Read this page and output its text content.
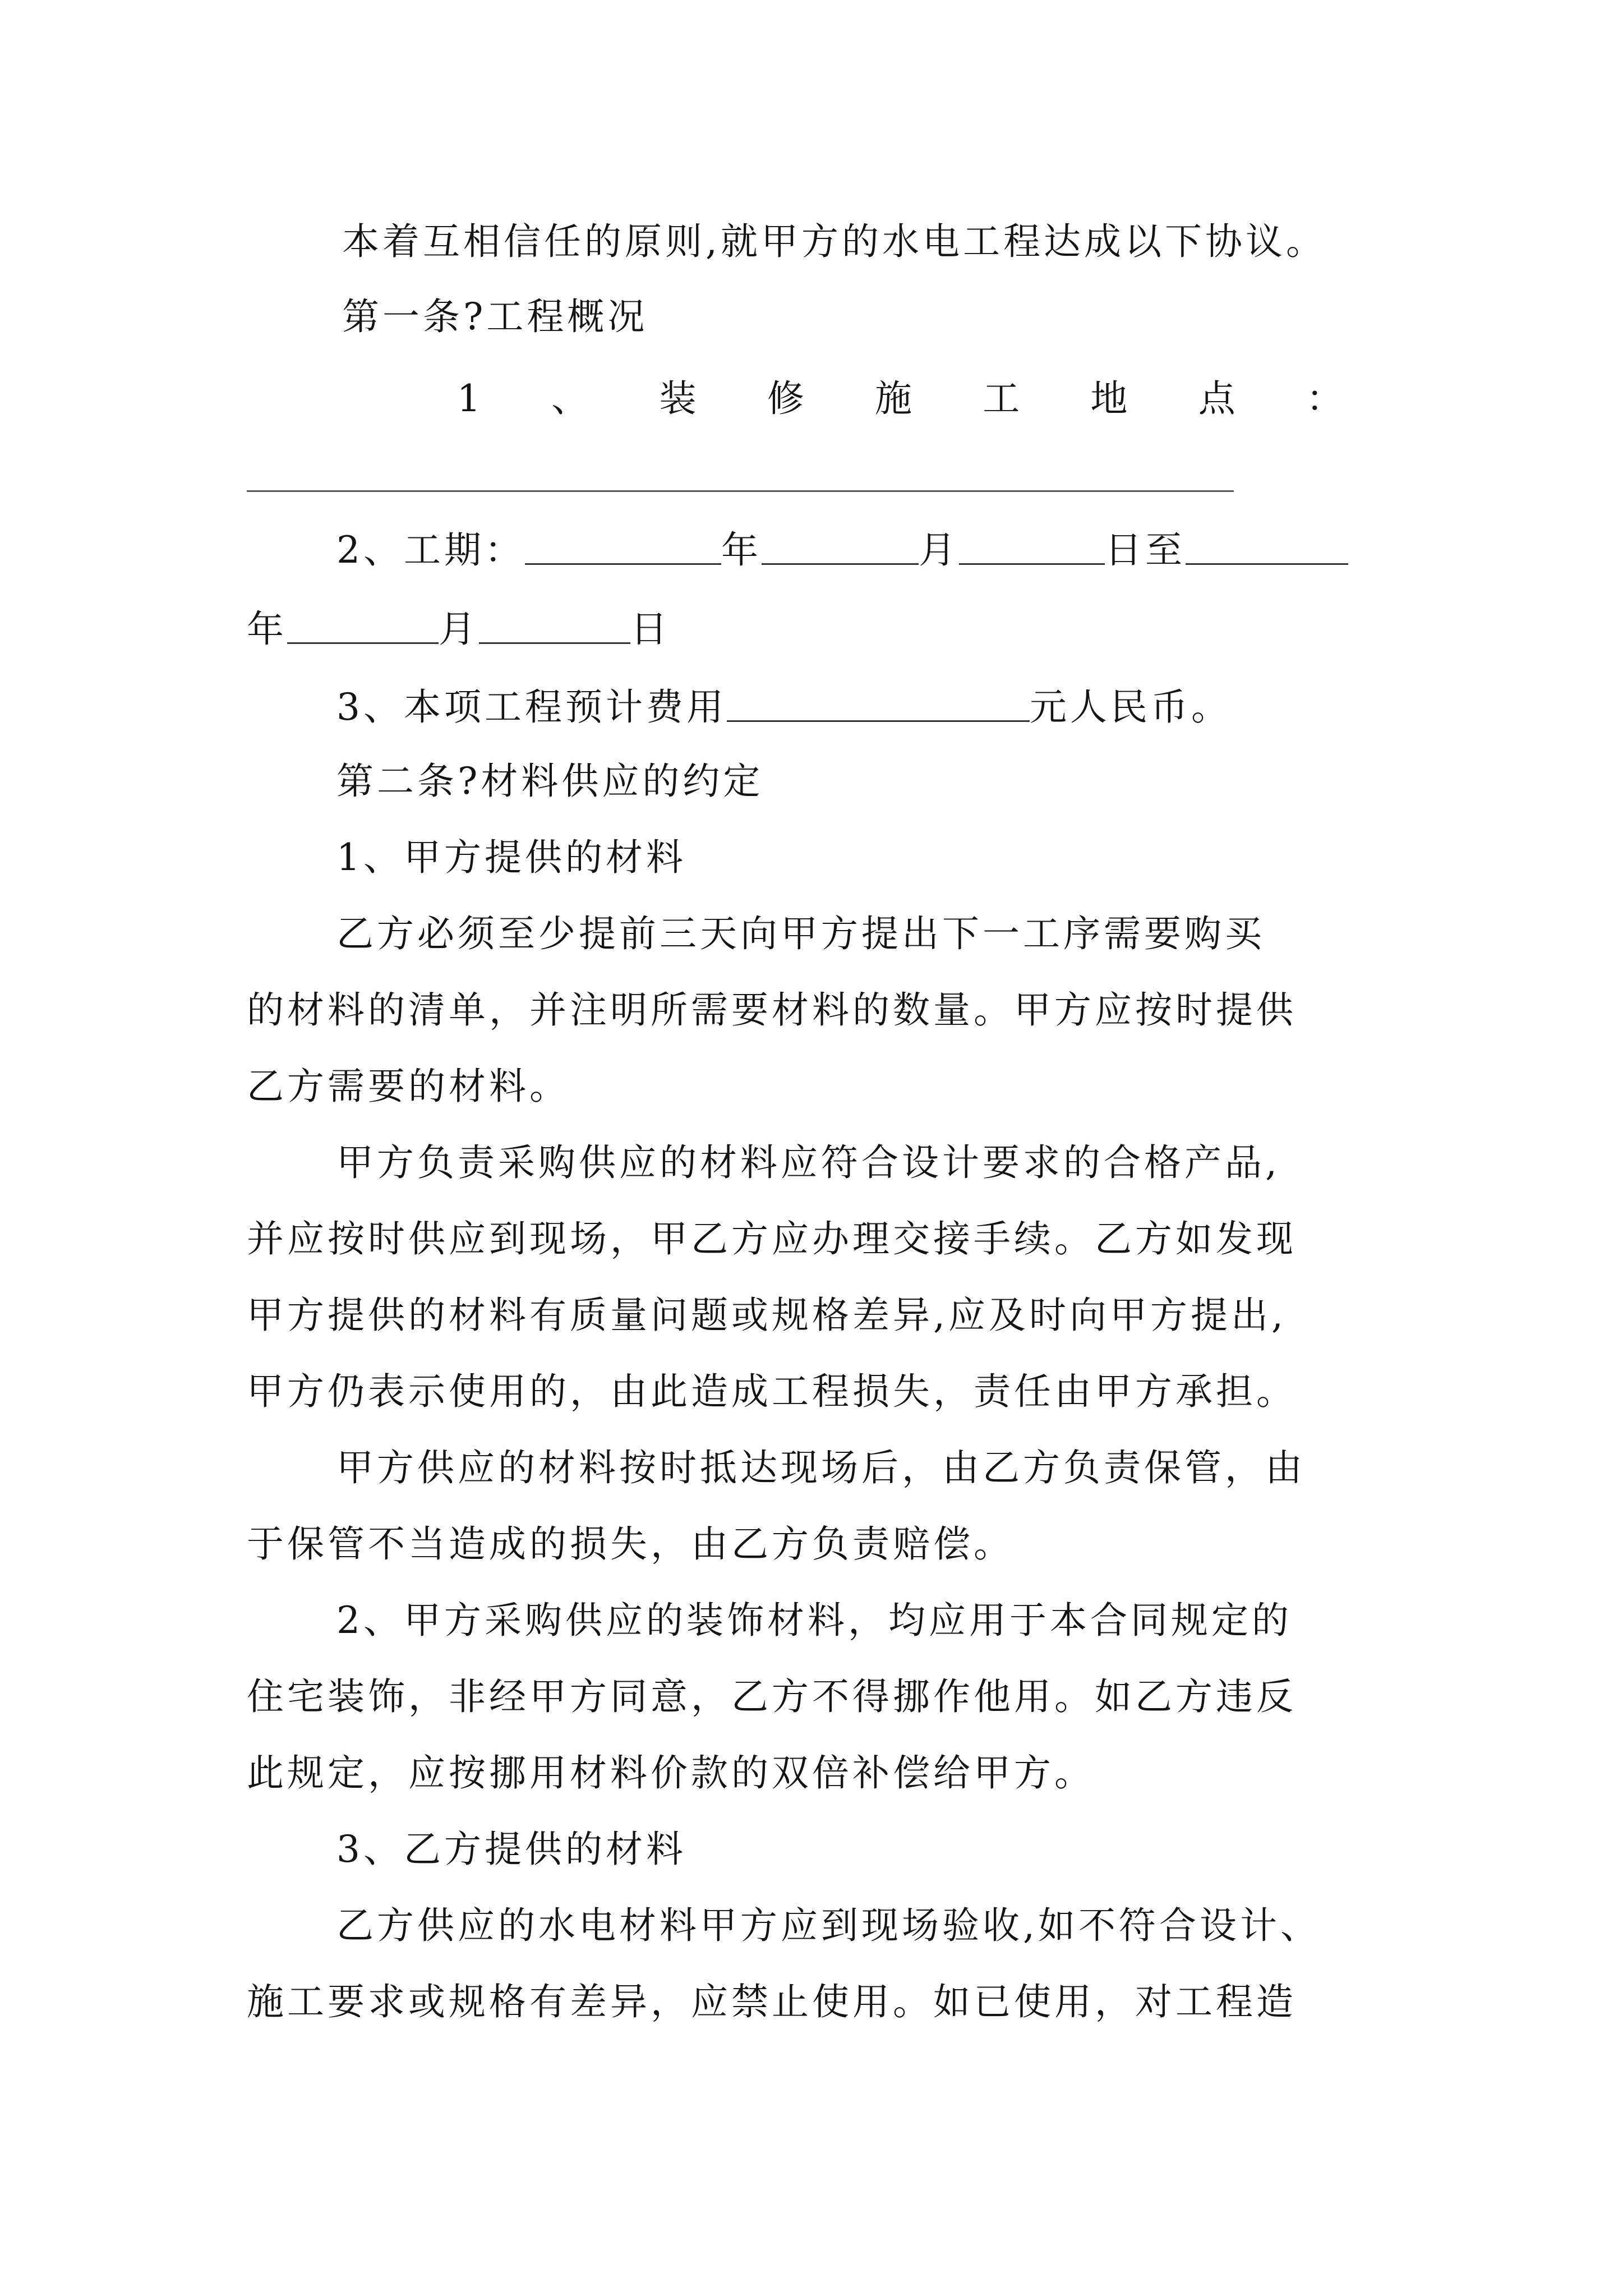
本着互相信任的原则,就甲方的水电工程达成以下协议。
第一条?工程概况
1 、 装 修 施 工 地 点 ：
2、工期：	年	月	日至
年	月	日
3、本项工程预计费用	元人民币。
第二条?材料供应的约定
1、甲方提供的材料
乙方必须至少提前三天向甲方提出下一工序需要购买
的材料的清单，并注明所需要材料的数量。甲方应按时提供
乙方需要的材料。
甲方负责采购供应的材料应符合设计要求的合格产品,
并应按时供应到现场，甲乙方应办理交接手续。乙方如发现
甲方提供的材料有质量问题或规格差异,应及时向甲方提出,
甲方仍表示使用的，由此造成工程损失，责任由甲方承担。
甲方供应的材料按时抵达现场后，由乙方负责保管，由
于保管不当造成的损失，由乙方负责赔偿。
2、甲方采购供应的装饰材料，均应用于本合同规定的
住宅装饰，非经甲方同意，乙方不得挪作他用。如乙方违反
此规定，应按挪用材料价款的双倍补偿给甲方。
3、乙方提供的材料
乙方供应的水电材料甲方应到现场验收,如不符合设计、
施工要求或规格有差异，应禁止使用。如已使用，对工程造
